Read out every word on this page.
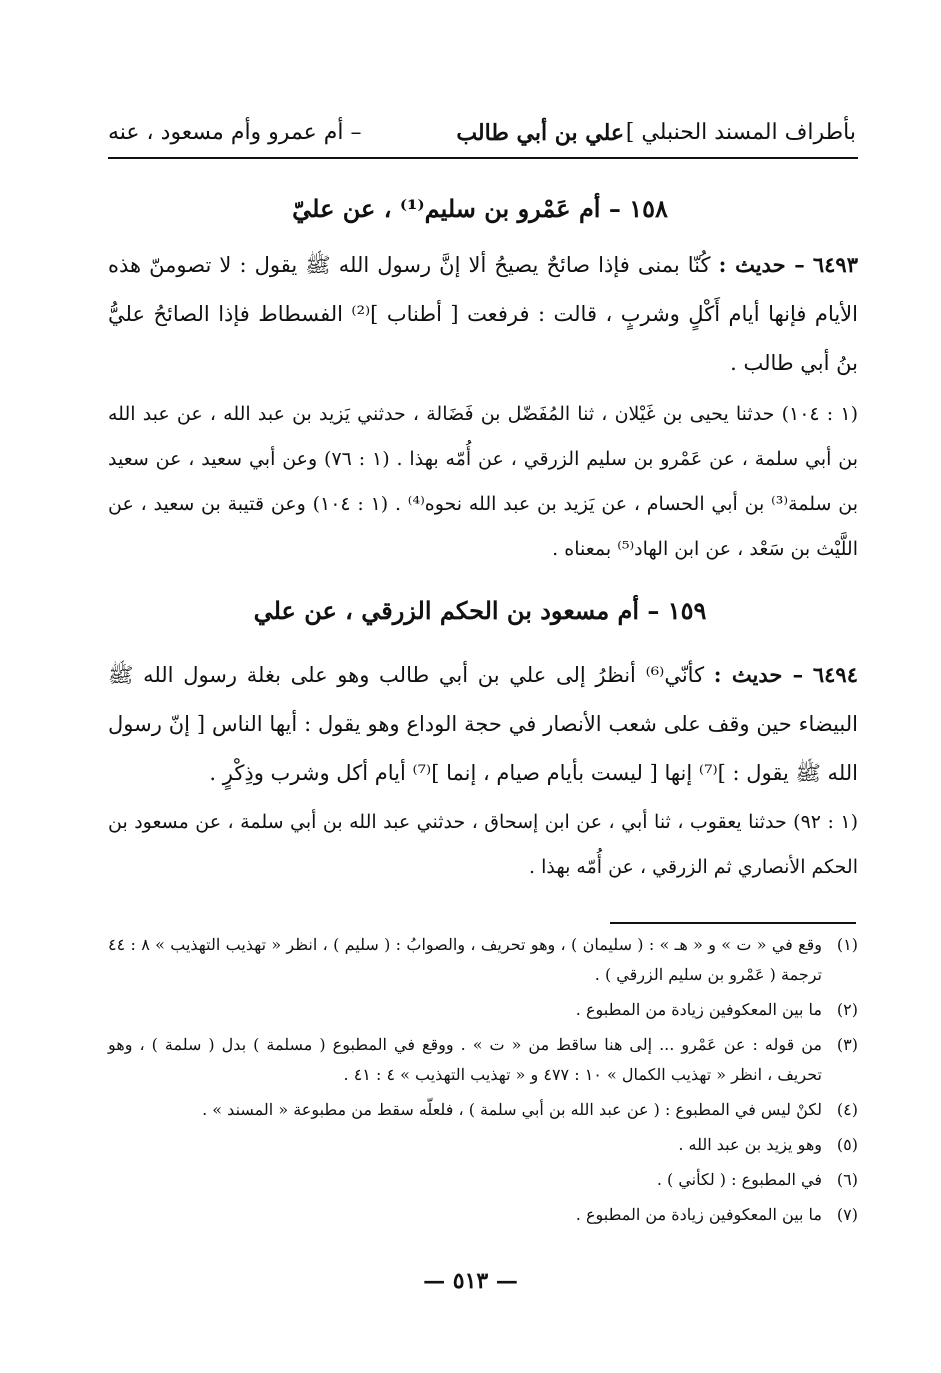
بأطراف المسند الحنبلي ]
علي بن أبي طالب
– أم عمرو وأم مسعود ، عنه
١٥٨ – أم عَمْرو بن سليم⁽¹⁾ ، عن عليّ
٦٤٩٣ – حديث : كُنّا بمنى فإذا صائحٌ يصيحُ ألا إنَّ رسول الله ﷺ يقول : لا تصومنّ هذه الأيام فإنها أيام أَكْلٍ وشربٍ ، قالت : فرفعت [ أطناب ]⁽²⁾ الفسطاط فإذا الصائحُ عليُّ بنُ أبي طالب .
(١ : ١٠٤) حدثنا يحيى بن غَيْلان ، ثنا المُفَضّل بن فَضَالة ، حدثني يَزيد بن عبد الله ، عن عبد الله بن أبي سلمة ، عن عَمْرو بن سليم الزرقي ، عن أُمّه بهذا . (١ : ٧٦) وعن أبي سعيد ، عن سعيد بن سلمة⁽³⁾ بن أبي الحسام ، عن يَزيد بن عبد الله نحوه⁽⁴⁾ . (١ : ١٠٤) وعن قتيبة بن سعيد ، عن اللَّيْث بن سَعْد ، عن ابن الهاد⁽⁵⁾ بمعناه .
١٥٩ – أم مسعود بن الحكم الزرقي ، عن علي
٦٤٩٤ – حديث : كأنّي⁽⁶⁾ أنظرُ إلى علي بن أبي طالب وهو على بغلة رسول الله ﷺ البيضاء حين وقف على شعب الأنصار في حجة الوداع وهو يقول : أيها الناس [ إنّ رسول الله ﷺ يقول : ]⁽⁷⁾ إنها [ ليست بأيام صيام ، إنما ]⁽⁷⁾ أيام أكل وشرب وذِكْرٍ .
(١ : ٩٢) حدثنا يعقوب ، ثنا أبي ، عن ابن إسحاق ، حدثني عبد الله بن أبي سلمة ، عن مسعود بن الحكم الأنصاري ثم الزرقي ، عن أُمّه بهذا .
(١)
وقع في « ت » و « هـ » : ( سليمان ) ، وهو تحريف ، والصوابُ : ( سليم ) ، انظر « تهذيب التهذيب » ٨ : ٤٤ ترجمة ( عَمْرو بن سليم الزرقي ) .
(٢)
ما بين المعكوفين زيادة من المطبوع .
(٣)
من قوله : عن عَمْرو ... إلى هنا ساقط من « ت » . ووقع في المطبوع ( مسلمة ) بدل ( سلمة ) ، وهو تحريف ، انظر « تهذيب الكمال » ١٠ : ٤٧٧ و « تهذيب التهذيب » ٤ : ٤١ .
(٤)
لكنْ ليس في المطبوع : ( عن عبد الله بن أبي سلمة ) ، فلعلّه سقط من مطبوعة « المسند » .
(٥)
وهو يزيد بن عبد الله .
(٦)
في المطبوع : ( لكأني ) .
(٧)
ما بين المعكوفين زيادة من المطبوع .
— ٥١٣ —
